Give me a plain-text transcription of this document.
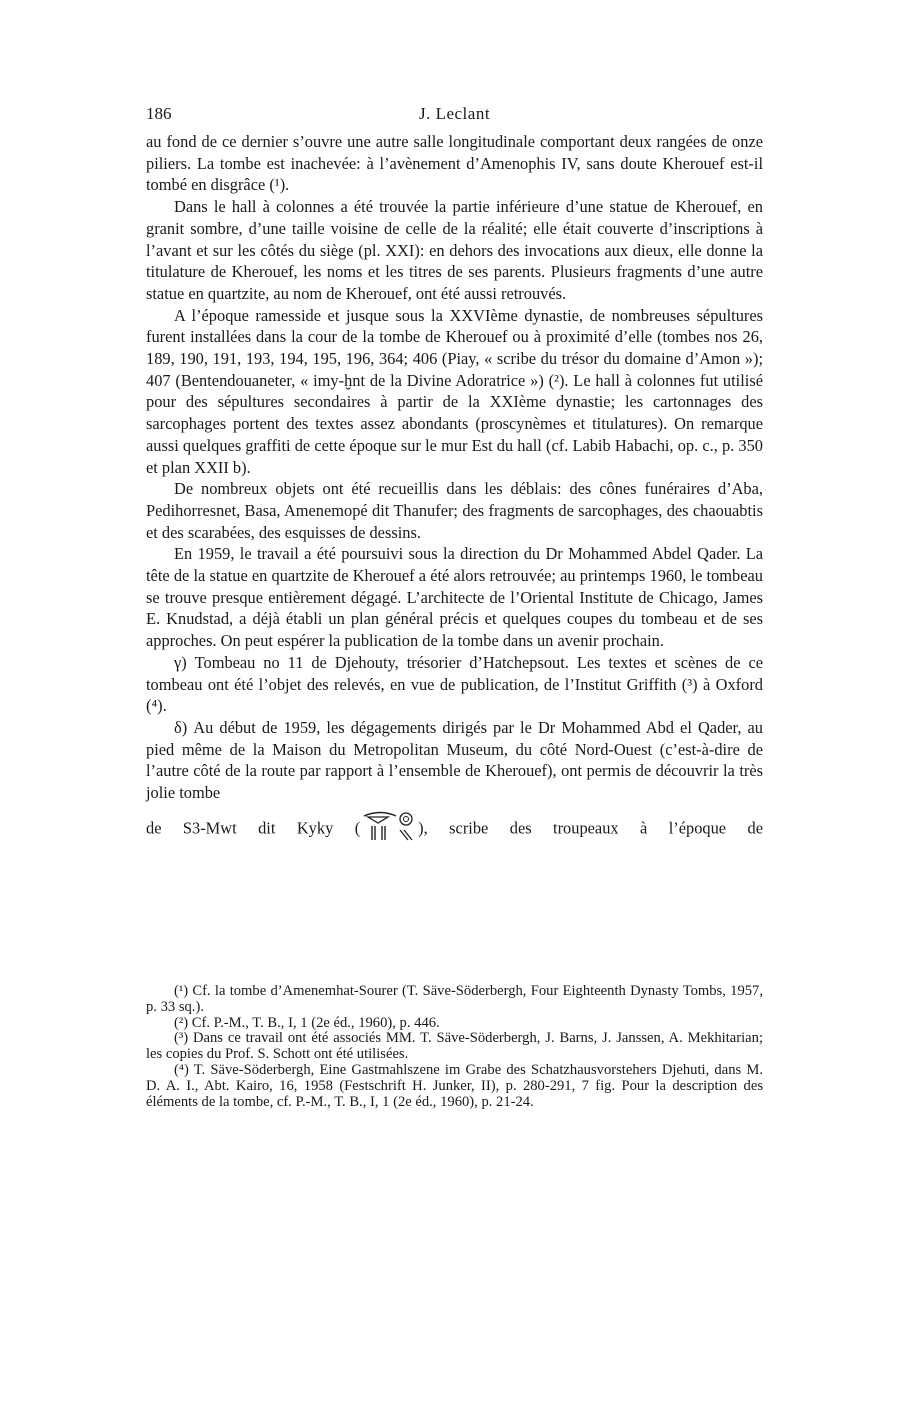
186	J. Leclant

au fond de ce dernier s’ouvre une autre salle longitudinale comportant deux rangées de onze piliers. La tombe est inachevée: à l’avènement d’Amenophis IV, sans doute Kherouef est-il tombé en disgrâce (¹).

Dans le hall à colonnes a été trouvée la partie inférieure d’une statue de Kherouef, en granit sombre, d’une taille voisine de celle de la réalité; elle était couverte d’inscriptions à l’avant et sur les côtés du siège (pl. XXI): en dehors des invocations aux dieux, elle donne la titulature de Kherouef, les noms et les titres de ses parents. Plusieurs fragments d’une autre statue en quartzite, au nom de Kherouef, ont été aussi retrouvés.

A l’époque ramesside et jusque sous la XXVIème dynastie, de nombreuses sépultures furent installées dans la cour de la tombe de Kherouef ou à proximité d’elle (tombes nos 26, 189, 190, 191, 193, 194, 195, 196, 364; 406 (Piay, « scribe du trésor du domaine d’Amon »); 407 (Bentendouaneter, « imy-ḫnt de la Divine Adoratrice ») (²). Le hall à colonnes fut utilisé pour des sépultures secondaires à partir de la XXIème dynastie; les cartonnages des sarcophages portent des textes assez abondants (proscynèmes et titulatures). On remarque aussi quelques graffiti de cette époque sur le mur Est du hall (cf. Labib Habachi, op. c., p. 350 et plan XXII b).

De nombreux objets ont été recueillis dans les déblais: des cônes funéraires d’Aba, Pedihorresnet, Basa, Amenemopé dit Thanufer; des fragments de sarcophages, des chaouabtis et des scarabées, des esquisses de dessins.

En 1959, le travail a été poursuivi sous la direction du Dr Mohammed Abdel Qader. La tête de la statue en quartzite de Kherouef a été alors retrouvée; au printemps 1960, le tombeau se trouve presque entièrement dégagé. L’architecte de l’Oriental Institute de Chicago, James E. Knudstad, a déjà établi un plan général précis et quelques coupes du tombeau et de ses approches. On peut espérer la publication de la tombe dans un avenir prochain.

γ) Tombeau no 11 de Djehouty, trésorier d’Hatchepsout. Les textes et scènes de ce tombeau ont été l’objet des relevés, en vue de publication, de l’Institut Griffith (³) à Oxford (⁴).

δ) Au début de 1959, les dégagements dirigés par le Dr Mohammed Abd el Qader, au pied même de la Maison du Metropolitan Museum, du côté Nord-Ouest (c’est-à-dire de l’autre côté de la route par rapport à l’ensemble de Kherouef), ont permis de découvrir la très jolie tombe

de S3-Mwt dit Kyky (	), scribe des troupeaux à l’époque de

(¹) Cf. la tombe d’Amenemhat-Sourer (T. Säve-Söderbergh, Four Eighteenth Dynasty Tombs, 1957, p. 33 sq.).

(²) Cf. P.-M., T. B., I, 1 (2e éd., 1960), p. 446.

(³) Dans ce travail ont été associés MM. T. Säve-Söderbergh, J. Barns, J. Janssen, A. Mekhitarian; les copies du Prof. S. Schott ont été utilisées.

(⁴) T. Säve-Söderbergh, Eine Gastmahlszene im Grabe des Schatzhausvorstehers Djehuti, dans M. D. A. I., Abt. Kairo, 16, 1958 (Festschrift H. Junker, II), p. 280-291, 7 fig. Pour la description des éléments de la tombe, cf. P.-M., T. B., I, 1 (2e éd., 1960), p. 21-24.
